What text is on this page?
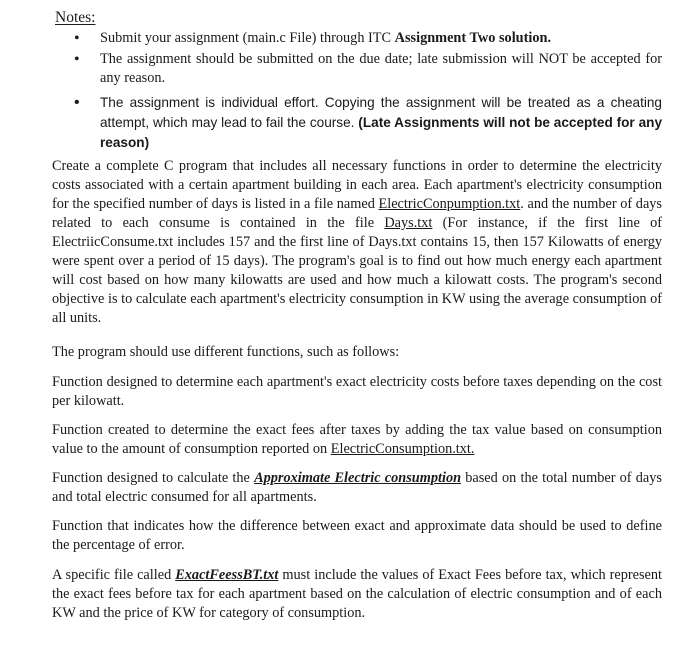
Notes:
• Submit your assignment (main.c File) through ITC Assignment Two solution.
• The assignment should be submitted on the due date; late submission will NOT be accepted for any reason.
• The assignment is individual effort. Copying the assignment will be treated as a cheating attempt, which may lead to fail the course. (Late Assignments will not be accepted for any reason)

Create a complete C program that includes all necessary functions in order to determine the electricity costs associated with a certain apartment building in each area. Each apartment's electricity consumption for the specified number of days is listed in a file named ElectricConpumption.txt. and the number of days related to each consume is contained in the file Days.txt (For instance, if the first line of ElectriicConsume.txt includes 157 and the first line of Days.txt contains 15, then 157 Kilowatts of energy were spent over a period of 15 days). The program's goal is to find out how much energy each apartment will cost based on how many kilowatts are used and how much a kilowatt costs. The program's second objective is to calculate each apartment's electricity consumption in KW using the average consumption of all units.

The program should use different functions, such as follows:

Function designed to determine each apartment's exact electricity costs before taxes depending on the cost per kilowatt.

Function created to determine the exact fees after taxes by adding the tax value based on consumption value to the amount of consumption reported on ElectricConsumption.txt.

Function designed to calculate the Approximate Electric consumption based on the total number of days and total electric consumed for all apartments.

Function that indicates how the difference between exact and approximate data should be used to define the percentage of error.

A specific file called ExactFeessBT.txt must include the values of Exact Fees before tax, which represent the exact fees before tax for each apartment based on the calculation of electric consumption and of each KW and the price of KW for category of consumption.
